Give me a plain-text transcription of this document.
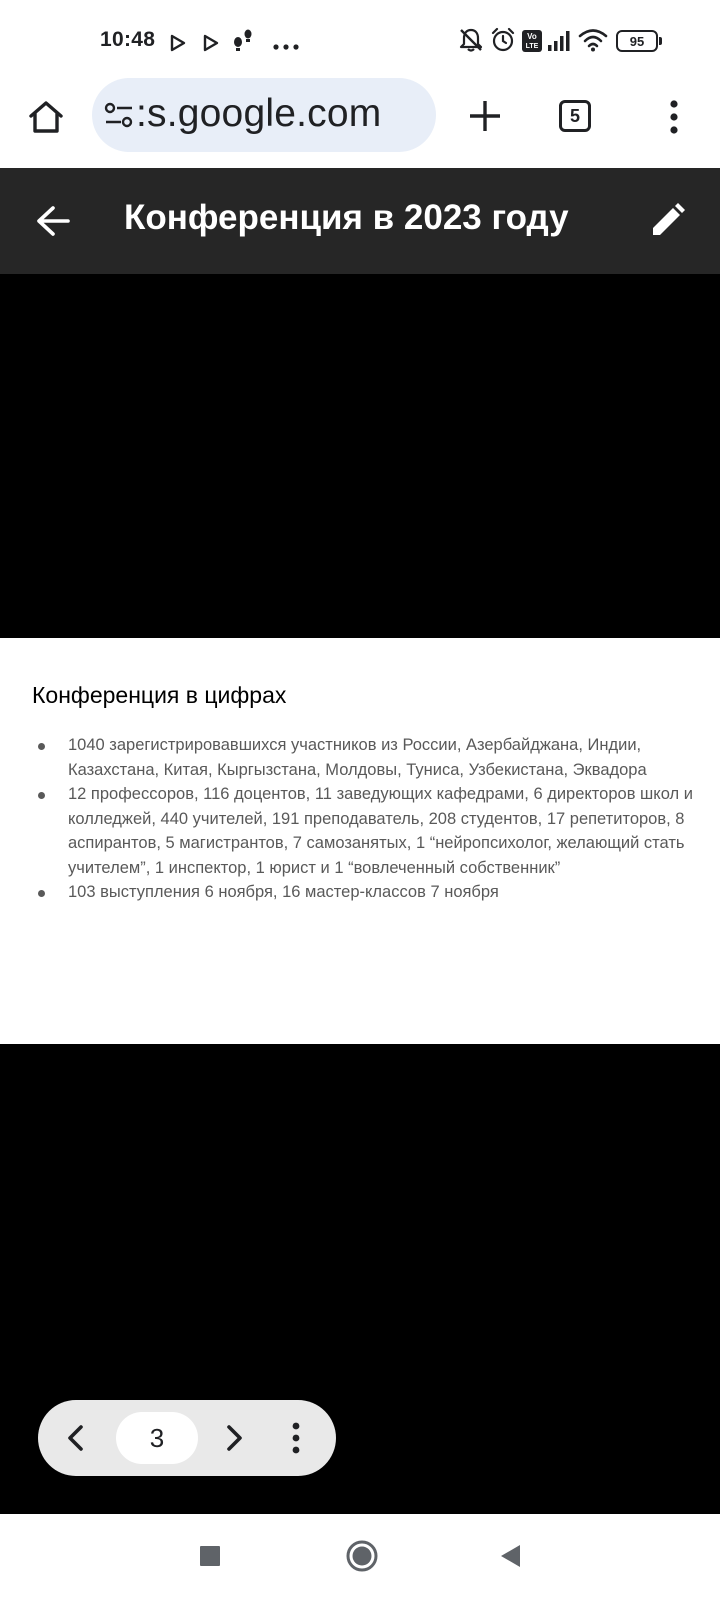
10:48	Vo
LTE	95
:s.google.com	5
Конференция в 2023 году
Конференция в цифрах
1040 зарегистрировавшихся участников из России, Азербайджана, Индии, Казахстана, Китая, Кыргызстана, Молдовы, Туниса, Узбекистана, Эквадора
12 профессоров, 116 доцентов, 11 заведующих кафедрами, 6 директоров школ и колледжей, 440 учителей, 191 преподаватель, 208 студентов, 17 репетиторов, 8 аспирантов, 5 магистрантов, 7 самозанятых, 1 “нейропсихолог, желающий стать учителем”, 1 инспектор, 1 юрист и 1 “вовлеченный собственник”
103 выступления 6 ноября, 16 мастер-классов 7 ноября
3
